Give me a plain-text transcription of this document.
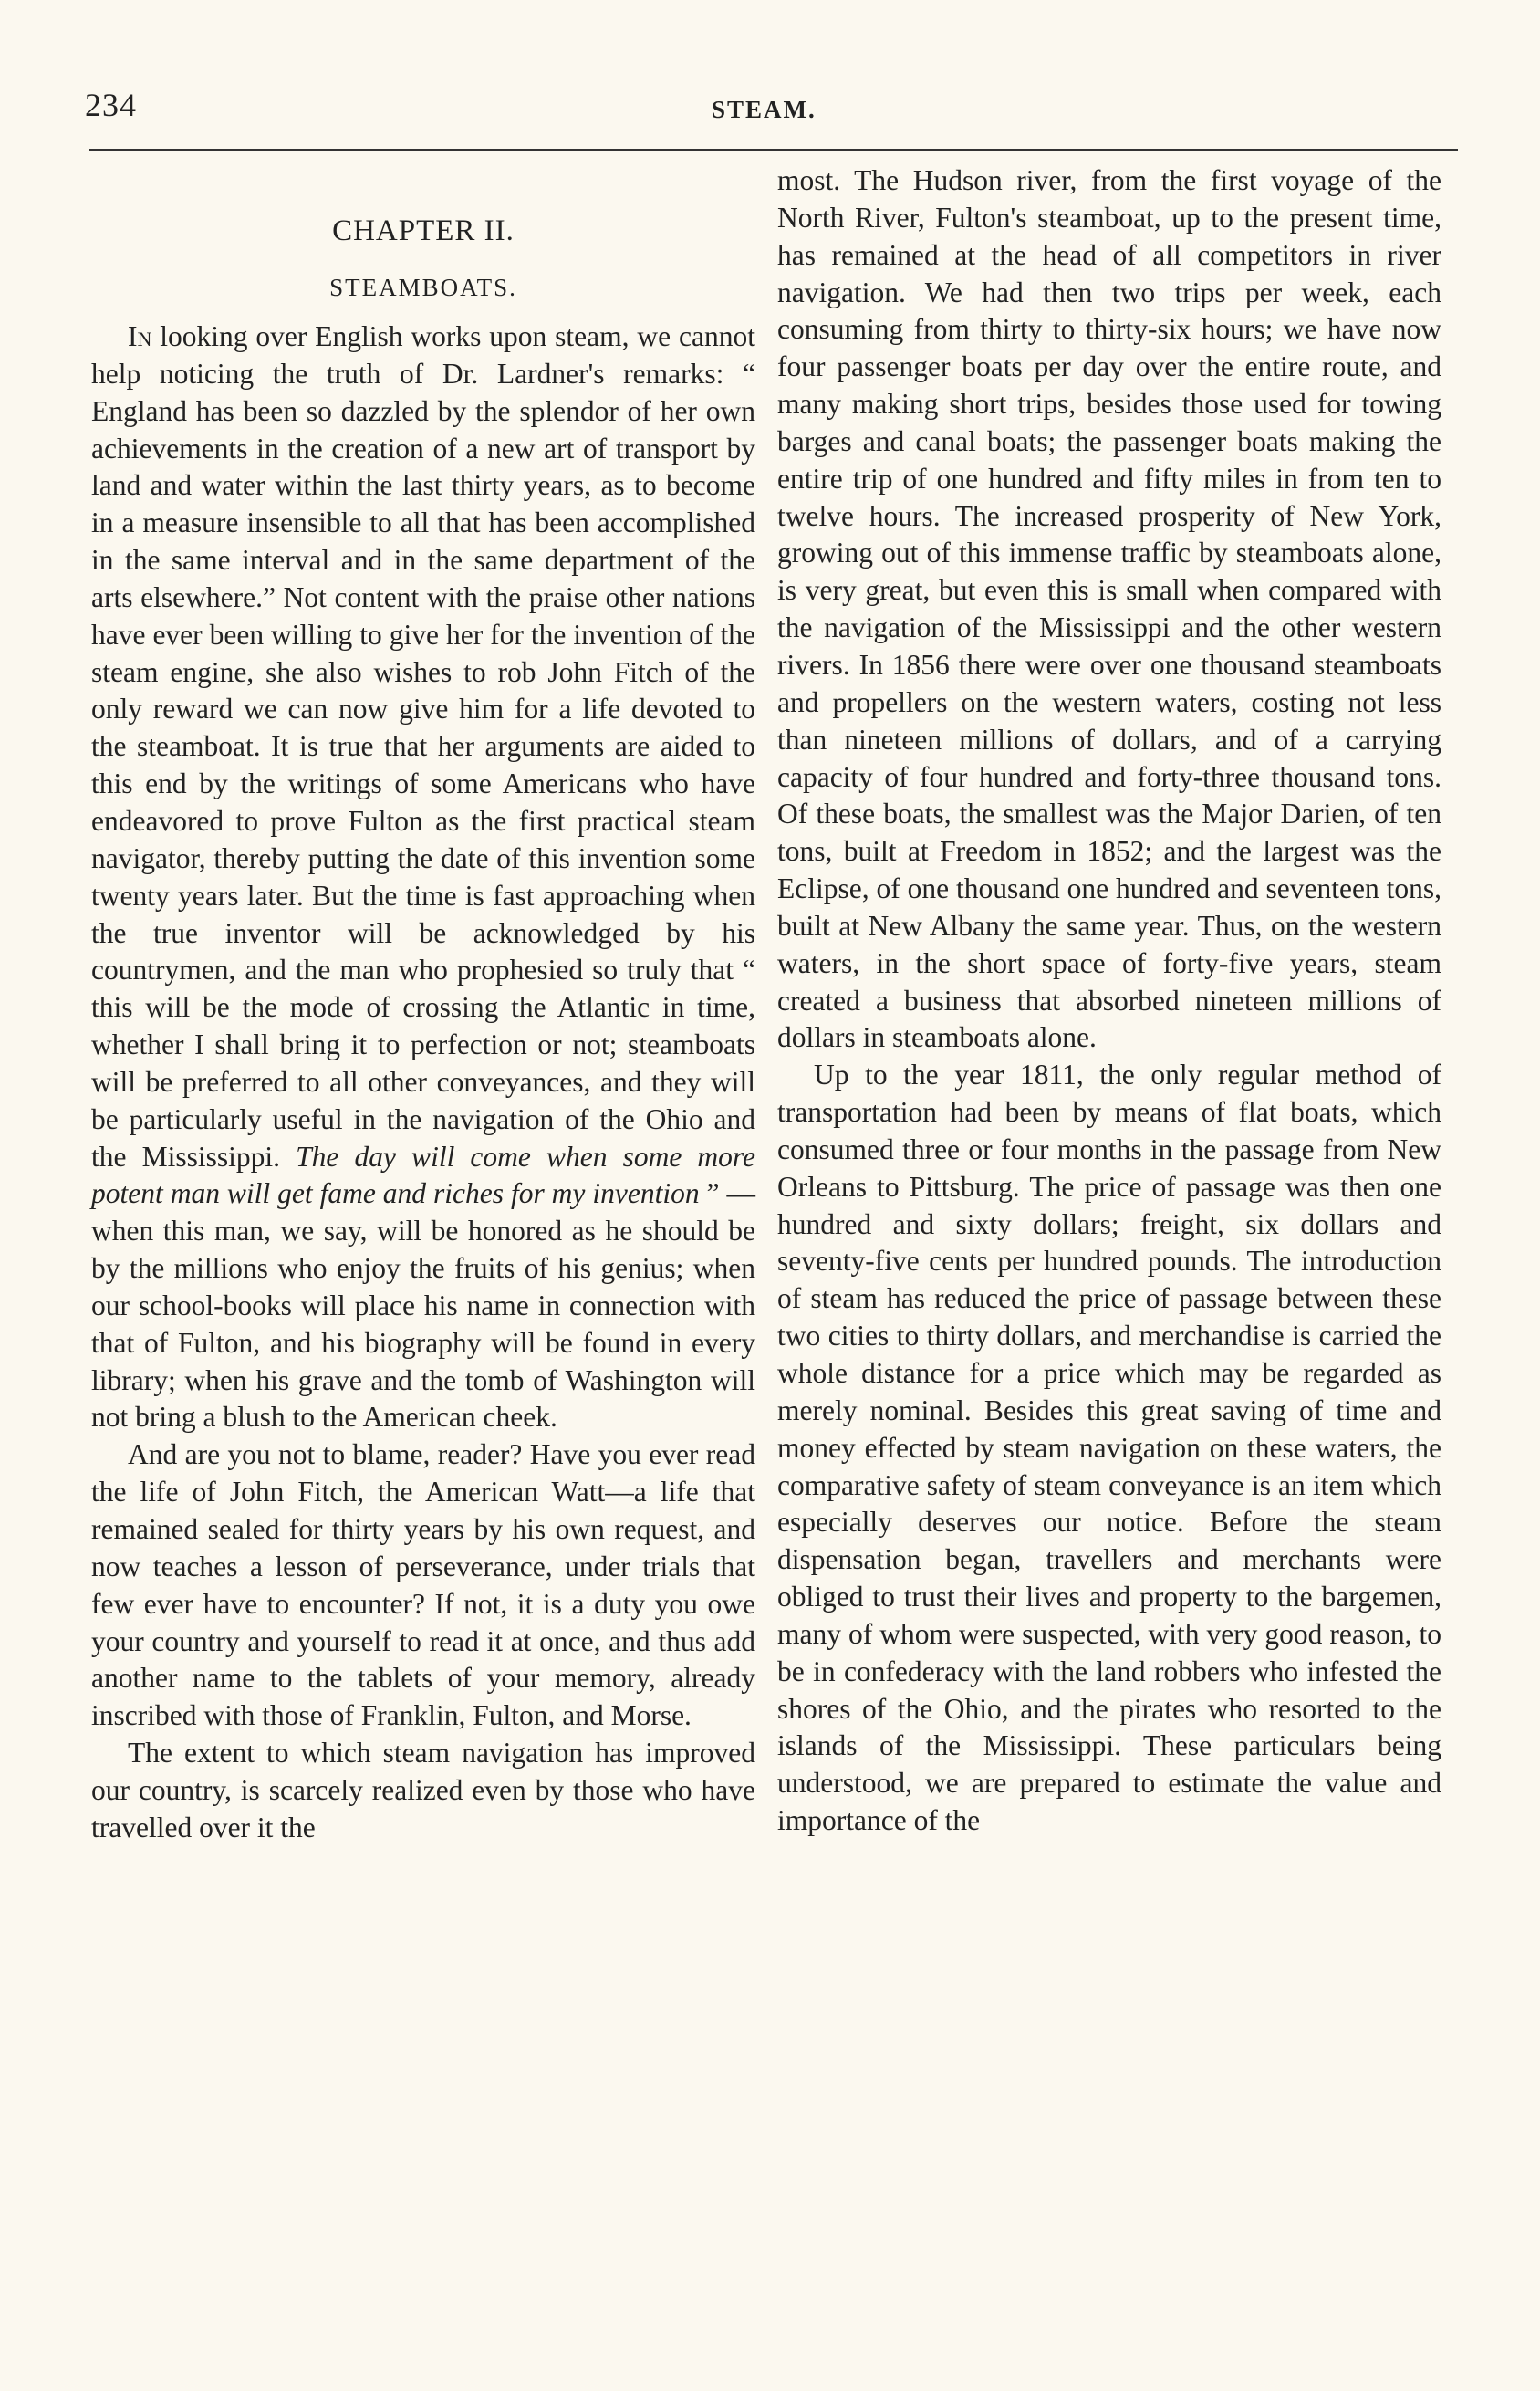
234	STEAM.
CHAPTER II.
STEAMBOATS.

In looking over English works upon steam, we cannot help noticing the truth of Dr. Lardner's remarks: “ England has been so dazzled by the splendor of her own achievements in the creation of a new art of transport by land and water within the last thirty years, as to become in a measure insensible to all that has been accomplished in the same interval and in the same department of the arts elsewhere.” Not content with the praise other nations have ever been willing to give her for the invention of the steam engine, she also wishes to rob John Fitch of the only reward we can now give him for a life devoted to the steamboat. It is true that her arguments are aided to this end by the writings of some Americans who have endeavored to prove Fulton as the first practical steam navigator, thereby putting the date of this invention some twenty years later. But the time is fast approaching when the true inventor will be acknowledged by his countrymen, and the man who prophesied so truly that “ this will be the mode of crossing the Atlantic in time, whether I shall bring it to perfection or not; steamboats will be preferred to all other conveyances, and they will be particularly useful in the navigation of the Ohio and the Mississippi. The day will come when some more potent man will get fame and riches for my invention ” —when this man, we say, will be honored as he should be by the millions who enjoy the fruits of his genius; when our school-books will place his name in connection with that of Fulton, and his biography will be found in every library; when his grave and the tomb of Washington will not bring a blush to the American cheek.

And are you not to blame, reader? Have you ever read the life of John Fitch, the American Watt—a life that remained sealed for thirty years by his own request, and now teaches a lesson of perseverance, under trials that few ever have to encounter? If not, it is a duty you owe your country and yourself to read it at once, and thus add another name to the tablets of your memory, already inscribed with those of Franklin, Fulton, and Morse.

The extent to which steam navigation has improved our country, is scarcely realized even by those who have travelled over it the

most. The Hudson river, from the first voyage of the North River, Fulton's steamboat, up to the present time, has remained at the head of all competitors in river navigation. We had then two trips per week, each consuming from thirty to thirty-six hours; we have now four passenger boats per day over the entire route, and many making short trips, besides those used for towing barges and canal boats; the passenger boats making the entire trip of one hundred and fifty miles in from ten to twelve hours. The increased prosperity of New York, growing out of this immense traffic by steamboats alone, is very great, but even this is small when compared with the navigation of the Mississippi and the other western rivers. In 1856 there were over one thousand steamboats and propellers on the western waters, costing not less than nineteen millions of dollars, and of a carrying capacity of four hundred and forty-three thousand tons. Of these boats, the smallest was the Major Darien, of ten tons, built at Freedom in 1852; and the largest was the Eclipse, of one thousand one hundred and seventeen tons, built at New Albany the same year. Thus, on the western waters, in the short space of forty-five years, steam created a business that absorbed nineteen millions of dollars in steamboats alone.

Up to the year 1811, the only regular method of transportation had been by means of flat boats, which consumed three or four months in the passage from New Orleans to Pittsburg. The price of passage was then one hundred and sixty dollars; freight, six dollars and seventy-five cents per hundred pounds. The introduction of steam has reduced the price of passage between these two cities to thirty dollars, and merchandise is carried the whole distance for a price which may be regarded as merely nominal. Besides this great saving of time and money effected by steam navigation on these waters, the comparative safety of steam conveyance is an item which especially deserves our notice. Before the steam dispensation began, travellers and merchants were obliged to trust their lives and property to the bargemen, many of whom were suspected, with very good reason, to be in confederacy with the land robbers who infested the shores of the Ohio, and the pirates who resorted to the islands of the Mississippi. These particulars being understood, we are prepared to estimate the value and importance of the
